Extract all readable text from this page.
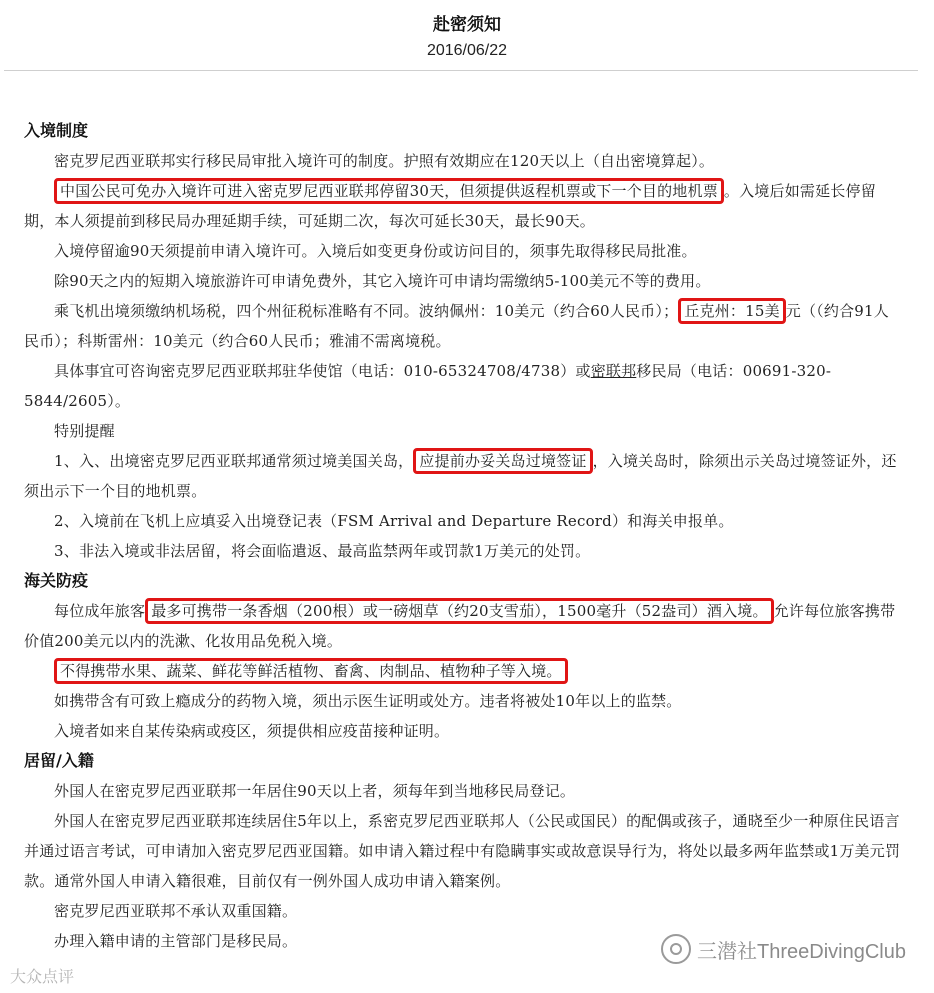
赴密须知
2016/06/22

入境制度

密克罗尼西亚联邦实行移民局审批入境许可的制度。护照有效期应在120天以上（自出密境算起）。

中国公民可免办入境许可进入密克罗尼西亚联邦停留30天，但须提供返程机票或下一个目的地机票 。入境后如需延长停留期，本人须提前到移民局办理延期手续，可延期二次，每次可延长30天，最长90天。

入境停留逾90天须提前申请入境许可。入境后如变更身份或访问目的，须事先取得移民局批准。

除90天之内的短期入境旅游许可申请免费外，其它入境许可申请均需缴纳5-100美元不等的费用。

乘飞机出境须缴纳机场税，四个州征税标准略有不同。波纳佩州：10美元（约合60人民币）； 丘克州：15美 元（（约合91人民币）；科斯雷州：10美元（约合60人民币；雅浦不需离境税。

具体事宜可咨询密克罗尼西亚联邦驻华使馆（电话：010-65324708/4738）或密联邦移民局（电话：00691-320-5844/2605）。

特别提醒

1、入、出境密克罗尼西亚联邦通常须过境美国关岛， 应提前办妥关岛过境签证 ，入境关岛时，除须出示关岛过境签证外，还须出示下一个目的地机票。

2、入境前在飞机上应填妥入出境登记表（FSM Arrival and Departure Record）和海关申报单。

3、非法入境或非法居留，将会面临遣返、最高监禁两年或罚款1万美元的处罚。

海关防疫

每位成年旅客 最多可携带一条香烟（200根）或一磅烟草（约20支雪茄），1500毫升（52盎司）酒入境。 允许每位旅客携带价值200美元以内的洗漱、化妆用品免税入境。

不得携带水果、蔬菜、鲜花等鲜活植物、畜禽、肉制品、植物种子等入境。

如携带含有可致上瘾成分的药物入境，须出示医生证明或处方。违者将被处10年以上的监禁。

入境者如来自某传染病或疫区，须提供相应疫苗接种证明。

居留/入籍

外国人在密克罗尼西亚联邦一年居住90天以上者，须每年到当地移民局登记。

外国人在密克罗尼西亚联邦连续居住5年以上，系密克罗尼西亚联邦人（公民或国民）的配偶或孩子，通晓至少一种原住民语言并通过语言考试，可申请加入密克罗尼西亚国籍。如申请入籍过程中有隐瞒事实或故意误导行为，将处以最多两年监禁或1万美元罚款。通常外国人申请入籍很难，目前仅有一例外国人成功申请入籍案例。

密克罗尼西亚联邦不承认双重国籍。

办理入籍申请的主管部门是移民局。	三潜社ThreeDivingClub
大众点评
